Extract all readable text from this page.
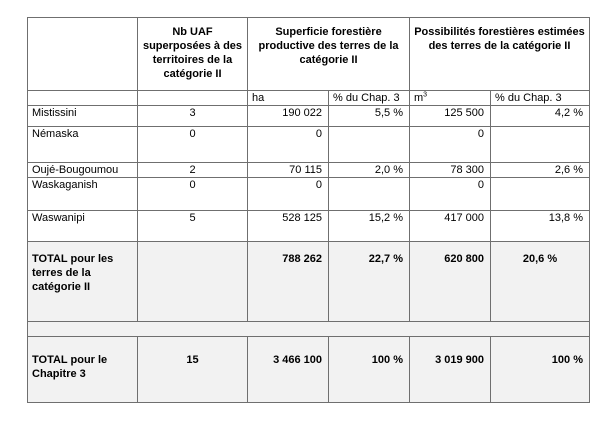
	Nb UAF superposées à des territoires de la catégorie II	Superficie forestière productive des terres de la catégorie II		Possibilités forestières estimées des terres de la catégorie II	
		ha	% du Chap. 3	$m^3$	% du Chap. 3
Mistissini	3	190 022	5,5 %	125 500	4,2 %
Némaska	0	0		0	
Oujé-Bougoumou	2	70 115	2,0 %	78 300	2,6 %
Waskaganish	0	0		0	
Waswanipi	5	528 125	15,2 %	417 000	13,8 %
TOTAL pour les terres de la catégorie II		788 262	22,7 %	620 800	20,6 %

TOTAL pour le Chapitre 3	15	3 466 100	100 %	3 019 900	100 %
